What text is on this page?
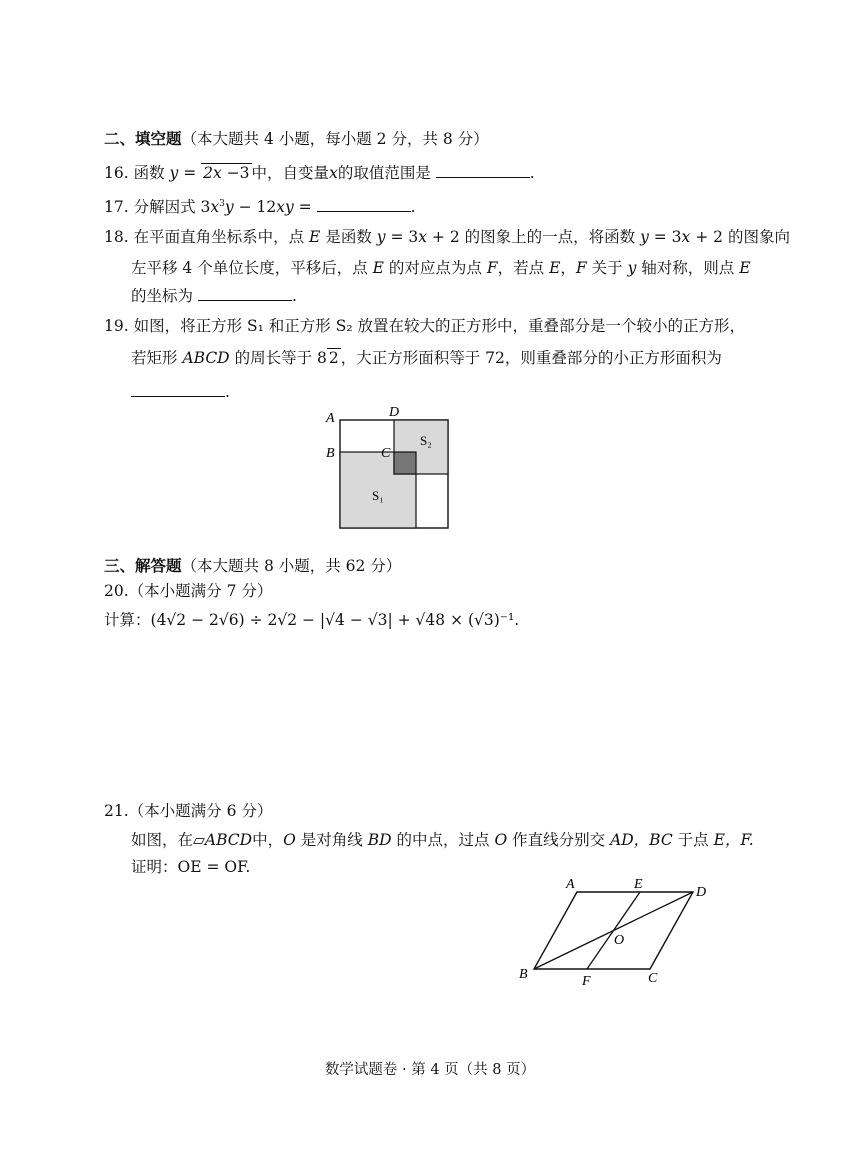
二、填空题（本大题共 4 小题，每小题 2 分，共 8 分）
16. 函数 y = 2x −3 中，自变量x的取值范围是	.
17. 分解因式 $3x^3y - 12xy$ =	.
18. 在平面直角坐标系中，点 E 是函数 y = 3x + 2 的图象上的一点，将函数 y = 3x + 2 的图象向
左平移 4 个单位长度，平移后，点 E 的对应点为点 F，若点 E，F 关于 y 轴对称，则点 E
的坐标为	.
19. 如图，将正方形 S₁ 和正方形 S₂ 放置在较大的正方形中，重叠部分是一个较小的正方形，
若矩形 ABCD 的周长等于 8 2 ，大正方形面积等于 72，则重叠部分的小正方形面积为
.
A	D
B	C
S₁
S₂
三、解答题（本大题共 8 小题，共 62 分）
20.（本小题满分 7 分）
计算：(4√2 − 2√6) ÷ 2√2 − |√4 − √3| + √48 × (√3)⁻¹.
21.（本小题满分 6 分）
如图，在▱ABCD中，O 是对角线 BD 的中点，过点 O 作直线分别交 AD，BC 于点 E，F.
证明：OE = OF.
A	E
D
O
B	F	C
数学试题卷 · 第 4 页（共 8 页）
